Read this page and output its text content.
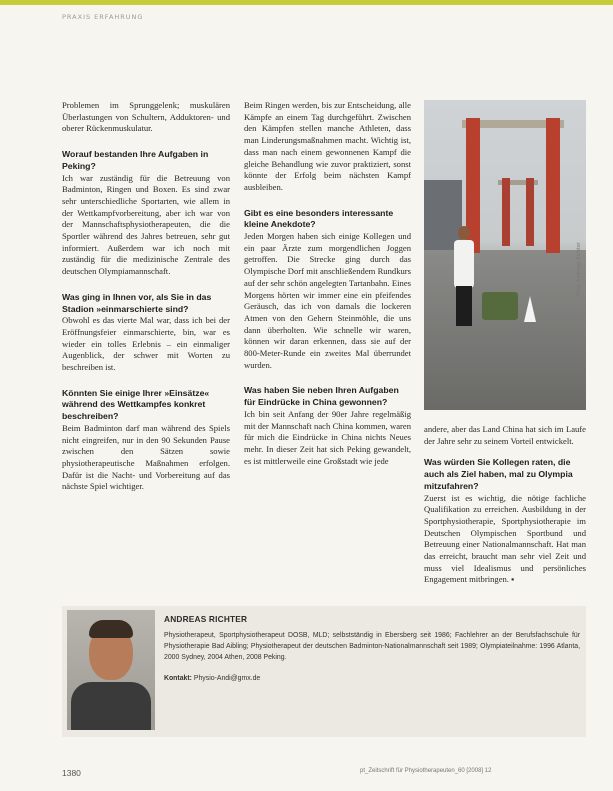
PRAXIS ERFAHRUNG

Problemen im Sprunggelenk; muskulären Überlastungen von Schultern, Adduktoren- und oberer Rückenmuskulatur.

Worauf bestanden Ihre Aufgaben in Peking?

Ich war zuständig für die Betreuung von Badminton, Ringen und Boxen. Es sind zwar sehr unterschiedliche Sportarten, wie allem in der Wettkampfvorbereitung, aber ich war von der Mannschaftsphysiotherapeuten, die die Sportler während des Jahres betreuen, sehr gut informiert. Außerdem war ich noch mit zuständig für die medizinische Zentrale des deutschen Olympiamannschaft.

Was ging in Ihnen vor, als Sie in das Stadion »einmarschierte sind?

Obwohl es das vierte Mal war, dass ich bei der Eröffnungsfeier einmarschierte, bin, war es wieder ein tolles Erlebnis – ein einmaliger Augenblick, der schwer mit Worten zu beschreiben ist.

Könnten Sie einige Ihrer »Einsätze« während des Wettkampfes konkret beschreiben?

Beim Badminton darf man während des Spiels nicht eingreifen, nur in den 90 Sekunden Pause zwischen den Sätzen sowie physiotherapeutische Maßnahmen erfolgen. Dafür ist die Nacht- und Vorbereitung auf das nächste Spiel wichtiger.

Beim Ringen werden, bis zur Entscheidung, alle Kämpfe an einem Tag durchgeführt. Zwischen den Kämpfen stellen manche Athleten, dass man Linderungsmaßnahmen macht. Wichtig ist, dass man nach einem gewonnenen Kampf die gleiche Behandlung wie zuvor praktiziert, sonst könnte der Erfolg beim nächsten Kampf ausbleiben.

Gibt es eine besonders interessante kleine Anekdote?

Jeden Morgen haben sich einige Kollegen und ein paar Ärzte zum morgendlichen Joggen getroffen. Die Strecke ging durch das Olympische Dorf mit anschließendem Rundkurs auf der sehr schön angelegten Tartanbahn. Eines Morgens hörten wir immer eine ein pfeifendes Geräusch, das ich von damals die lockeren Atmen von den Gehern Steinmöhle, die uns dann überholten. Wie schnelle wir waren, können wir daran erkennen, dass sie auf der 800-Meter-Runde ein zweites Mal überrundet wurden.

Was haben Sie neben Ihren Aufgaben für Eindrücke in China gewonnen?

Ich bin seit Anfang der 90er Jahre regelmäßig mit der Mannschaft nach China kommen, waren für mich die Eindrücke in China nichts Neues mehr. In dieser Zeit hat sich Peking gewandelt, es ist mittlerweile eine Großstadt wie jede

Foto: Andreas Richter

andere, aber das Land China hat sich im Laufe der Jahre sehr zu seinem Vorteil entwickelt.

Was würden Sie Kollegen raten, die auch als Ziel haben, mal zu Olympia mitzufahren?

Zuerst ist es wichtig, die nötige fachliche Qualifikation zu erreichen. Ausbildung in der Sportphysiotherapie, Sportphysiotherapie im Deutschen Olympischen Sportbund und Betreuung einer Nationalmannschaft. Hat man das erreicht, braucht man sehr viel Zeit und muss viel Idealismus und persönliches Engagement mitbringen. ▪

ANDREAS RICHTER

Physiotherapeut, Sportphysiotherapeut DOSB, MLD; selbstständig in Ebersberg seit 1986; Fachlehrer an der Berufsfachschule für Physiotherapie Bad Aibling; Physiotherapeut der deutschen Badminton-Nationalmannschaft seit 1989; Olympiateilnahme: 1996 Atlanta, 2000 Sydney, 2004 Athen, 2008 Peking.

Kontakt: Physio-Andi@gmx.de
1380	pt_Zeitschrift für Physiotherapeuten_60 [2008] 12
